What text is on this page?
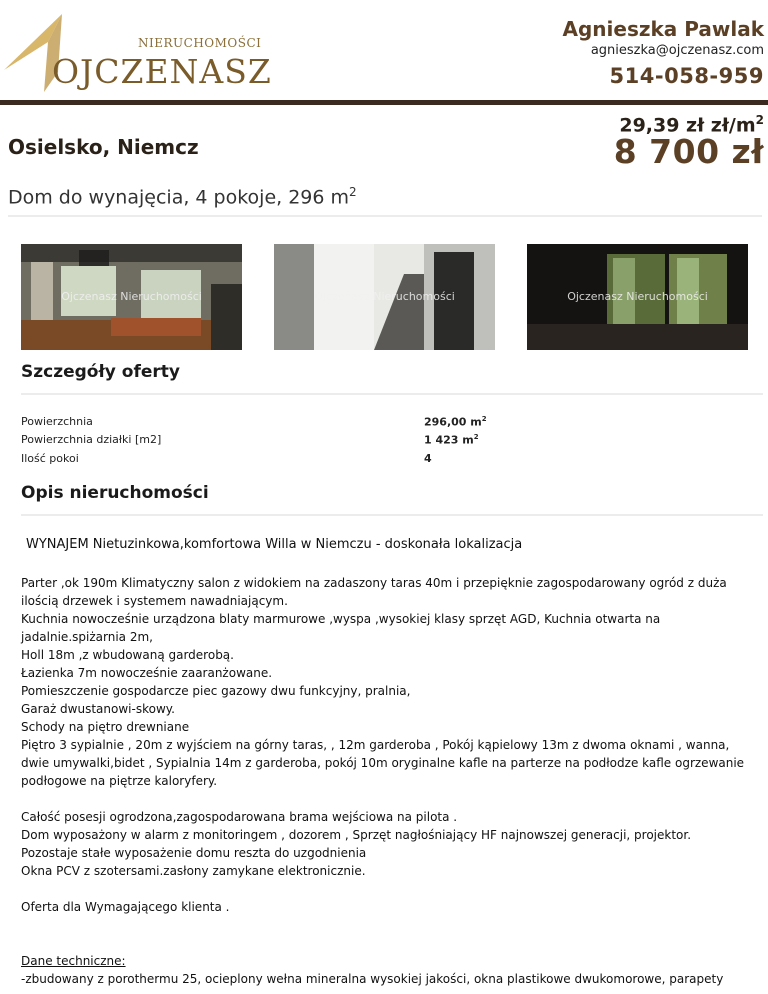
NIERUCHOMOŚCI
OJCZENASZ
Agnieszka Pawlak
agnieszka@ojczenasz.com
514-058-959
Osielsko, Niemcz
29,39 zł $zł/m^2$
8 700 zł
Dom do wynajęcia, 4 pokoje, 296 $m^2$
Ojczenasz Nieruchomości	Ojczenasz Nieruchomości	Ojczenasz Nieruchomości
Szczegóły oferty
Powierzchnia	296,00 $m^2$
Powierzchnia działki [m2]	1 423 $m^2$
Ilość pokoi	4
Opis nieruchomości
WYNAJEM Nietuzinkowa,komfortowa Willa w Niemczu - doskonała lokalizacja

Parter ,ok 190m Klimatyczny salon z widokiem na zadaszony taras 40m i przepięknie zagospodarowany ogród z duża ilością drzewek i systemem nawadniającym.

Kuchnia nowocześnie urządzona blaty marmurowe ,wyspa ,wysokiej klasy sprzęt AGD, Kuchnia otwarta na jadalnie.spiżarnia 2m,

Holl 18m ,z wbudowaną garderobą.

Łazienka 7m nowocześnie zaaranżowane.

Pomieszczenie gospodarcze piec gazowy dwu funkcyjny, pralnia,

Garaż dwustanowi-skowy.

Schody na piętro drewniane

Piętro 3 sypialnie , 20m z wyjściem na górny taras, , 12m garderoba , Pokój kąpielowy 13m z dwoma oknami , wanna, dwie umywalki,bidet , Sypialnia 14m z garderoba, pokój 10m oryginalne kafle na parterze na podłodze kafle ogrzewanie podłogowe na piętrze kaloryfery.

Całość posesji ogrodzona,zagospodarowana brama wejściowa na pilota .

Dom wyposażony w alarm z monitoringem , dozorem , Sprzęt nagłośniający HF najnowszej generacji, projektor.

Pozostaje stałe wyposażenie domu reszta do uzgodnienia

Okna PCV z szotersami.zasłony zamykane elektronicznie.

Oferta dla Wymagającego klienta .

Dane techniczne:

-zbudowany z porothermu 25, ocieplony wełna mineralna wysokiej jakości, okna plastikowe dwukomorowe, parapety
